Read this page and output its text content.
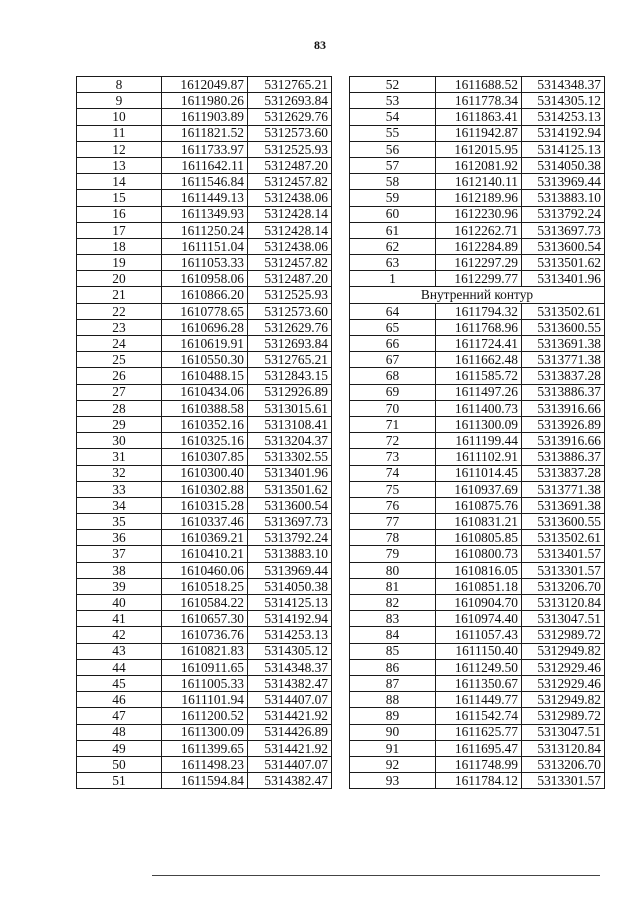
83
8	1612049.87	5312765.21
9	1611980.26	5312693.84
10	1611903.89	5312629.76
11	1611821.52	5312573.60
12	1611733.97	5312525.93
13	1611642.11	5312487.20
14	1611546.84	5312457.82
15	1611449.13	5312438.06
16	1611349.93	5312428.14
17	1611250.24	5312428.14
18	1611151.04	5312438.06
19	1611053.33	5312457.82
20	1610958.06	5312487.20
21	1610866.20	5312525.93
22	1610778.65	5312573.60
23	1610696.28	5312629.76
24	1610619.91	5312693.84
25	1610550.30	5312765.21
26	1610488.15	5312843.15
27	1610434.06	5312926.89
28	1610388.58	5313015.61
29	1610352.16	5313108.41
30	1610325.16	5313204.37
31	1610307.85	5313302.55
32	1610300.40	5313401.96
33	1610302.88	5313501.62
34	1610315.28	5313600.54
35	1610337.46	5313697.73
36	1610369.21	5313792.24
37	1610410.21	5313883.10
38	1610460.06	5313969.44
39	1610518.25	5314050.38
40	1610584.22	5314125.13
41	1610657.30	5314192.94
42	1610736.76	5314253.13
43	1610821.83	5314305.12
44	1610911.65	5314348.37
45	1611005.33	5314382.47
46	1611101.94	5314407.07
47	1611200.52	5314421.92
48	1611300.09	5314426.89
49	1611399.65	5314421.92
50	1611498.23	5314407.07
51	1611594.84	5314382.47
52	1611688.52	5314348.37
53	1611778.34	5314305.12
54	1611863.41	5314253.13
55	1611942.87	5314192.94
56	1612015.95	5314125.13
57	1612081.92	5314050.38
58	1612140.11	5313969.44
59	1612189.96	5313883.10
60	1612230.96	5313792.24
61	1612262.71	5313697.73
62	1612284.89	5313600.54
63	1612297.29	5313501.62
1	1612299.77	5313401.96
Внутренний контур		
64	1611794.32	5313502.61
65	1611768.96	5313600.55
66	1611724.41	5313691.38
67	1611662.48	5313771.38
68	1611585.72	5313837.28
69	1611497.26	5313886.37
70	1611400.73	5313916.66
71	1611300.09	5313926.89
72	1611199.44	5313916.66
73	1611102.91	5313886.37
74	1611014.45	5313837.28
75	1610937.69	5313771.38
76	1610875.76	5313691.38
77	1610831.21	5313600.55
78	1610805.85	5313502.61
79	1610800.73	5313401.57
80	1610816.05	5313301.57
81	1610851.18	5313206.70
82	1610904.70	5313120.84
83	1610974.40	5313047.51
84	1611057.43	5312989.72
85	1611150.40	5312949.82
86	1611249.50	5312929.46
87	1611350.67	5312929.46
88	1611449.77	5312949.82
89	1611542.74	5312989.72
90	1611625.77	5313047.51
91	1611695.47	5313120.84
92	1611748.99	5313206.70
93	1611784.12	5313301.57
